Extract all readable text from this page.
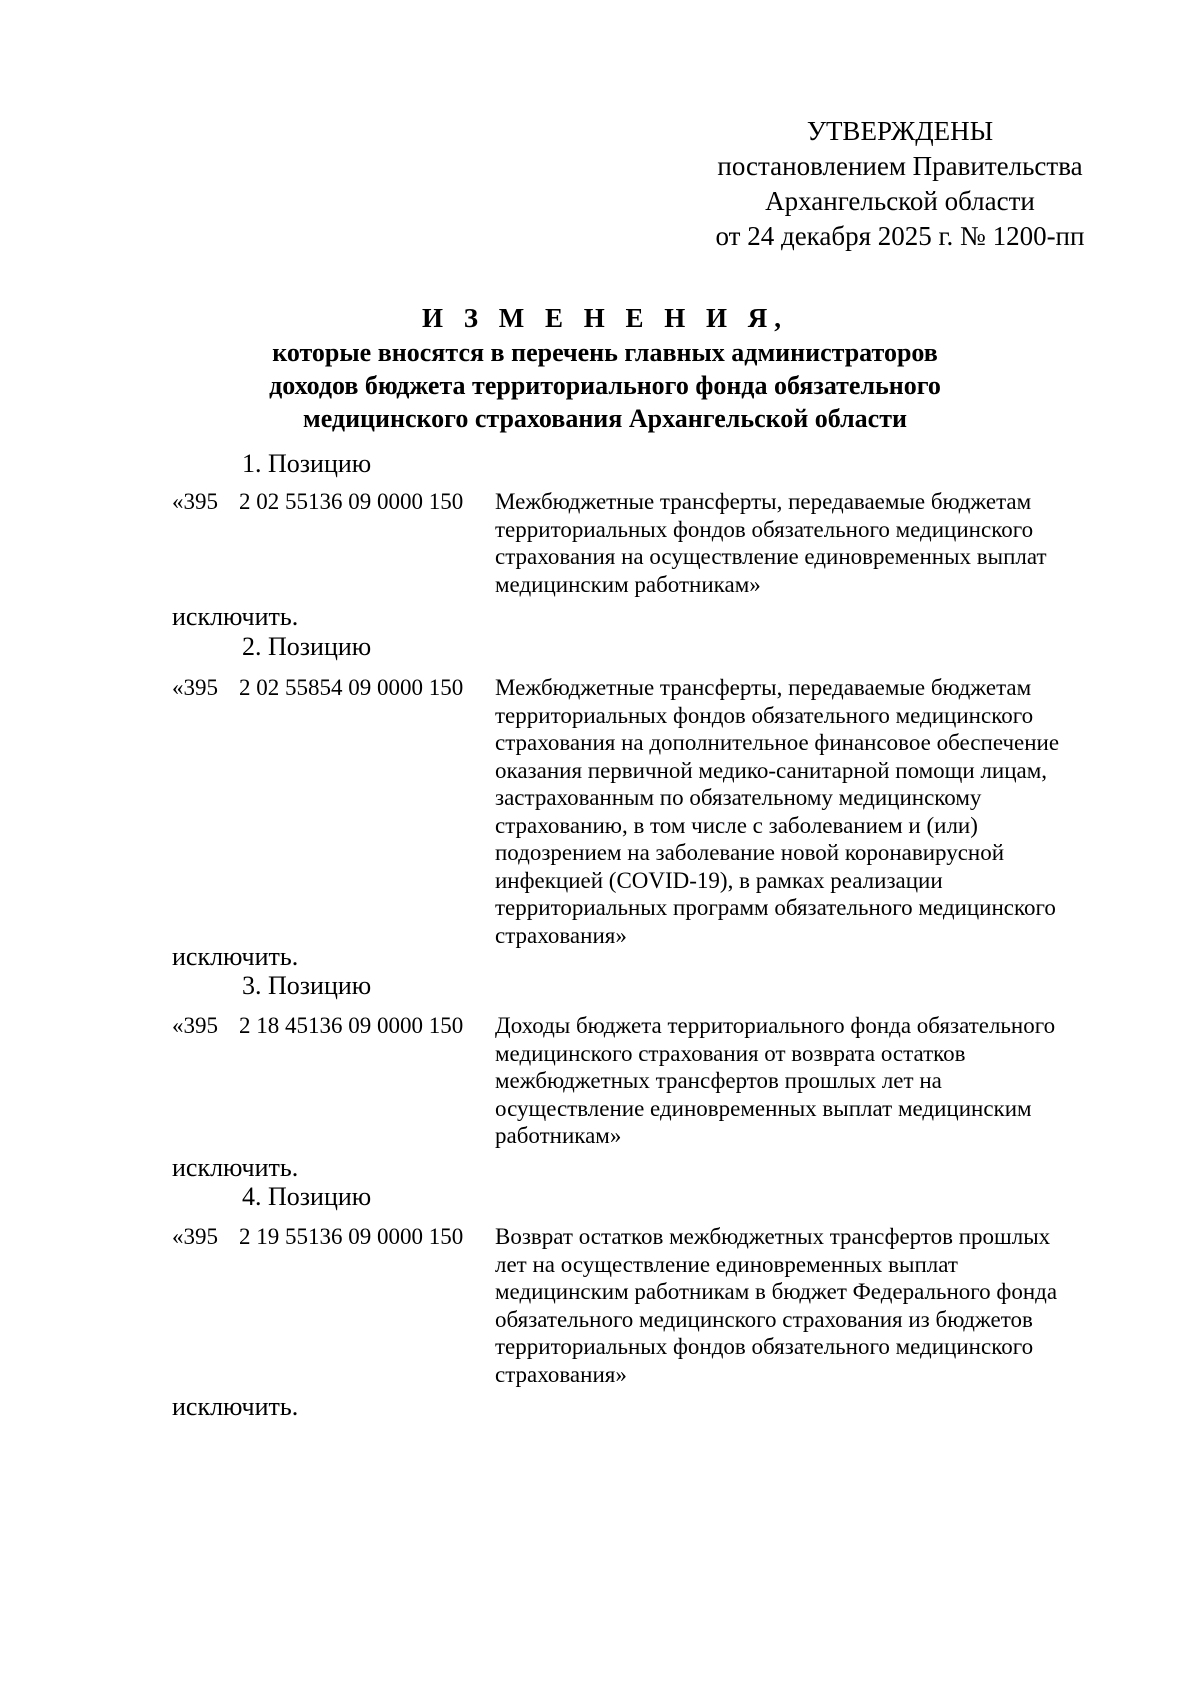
УТВЕРЖДЕНЫ
постановлением Правительства
Архангельской области
от 24 декабря 2025 г. № 1200-пп
И З М Е Н Е Н И Я,
которые вносятся в перечень главных администраторов
доходов бюджета территориального фонда обязательного
медицинского страхования Архангельской области
1. Позицию
«395 2 02 55136 09 0000 150 Межбюджетные трансферты, передаваемые бюджетам
территориальных фондов обязательного медицинского
страхования на осуществление единовременных выплат
медицинским работникам»
исключить.
2. Позицию
«395 2 02 55854 09 0000 150 Межбюджетные трансферты, передаваемые бюджетам
территориальных фондов обязательного медицинского
страхования на дополнительное финансовое обеспечение
оказания первичной медико-санитарной помощи лицам,
застрахованным по обязательному медицинскому
страхованию, в том числе с заболеванием и (или)
подозрением на заболевание новой коронавирусной
инфекцией (COVID-19), в рамках реализации
территориальных программ обязательного медицинского
страхования»
исключить.
3. Позицию
«395 2 18 45136 09 0000 150 Доходы бюджета территориального фонда обязательного
медицинского страхования от возврата остатков
межбюджетных трансфертов прошлых лет на
осуществление единовременных выплат медицинским
работникам»
исключить.
4. Позицию
«395 2 19 55136 09 0000 150 Возврат остатков межбюджетных трансфертов прошлых
лет на осуществление единовременных выплат
медицинским работникам в бюджет Федерального фонда
обязательного медицинского страхования из бюджетов
территориальных фондов обязательного медицинского
страхования»
исключить.
